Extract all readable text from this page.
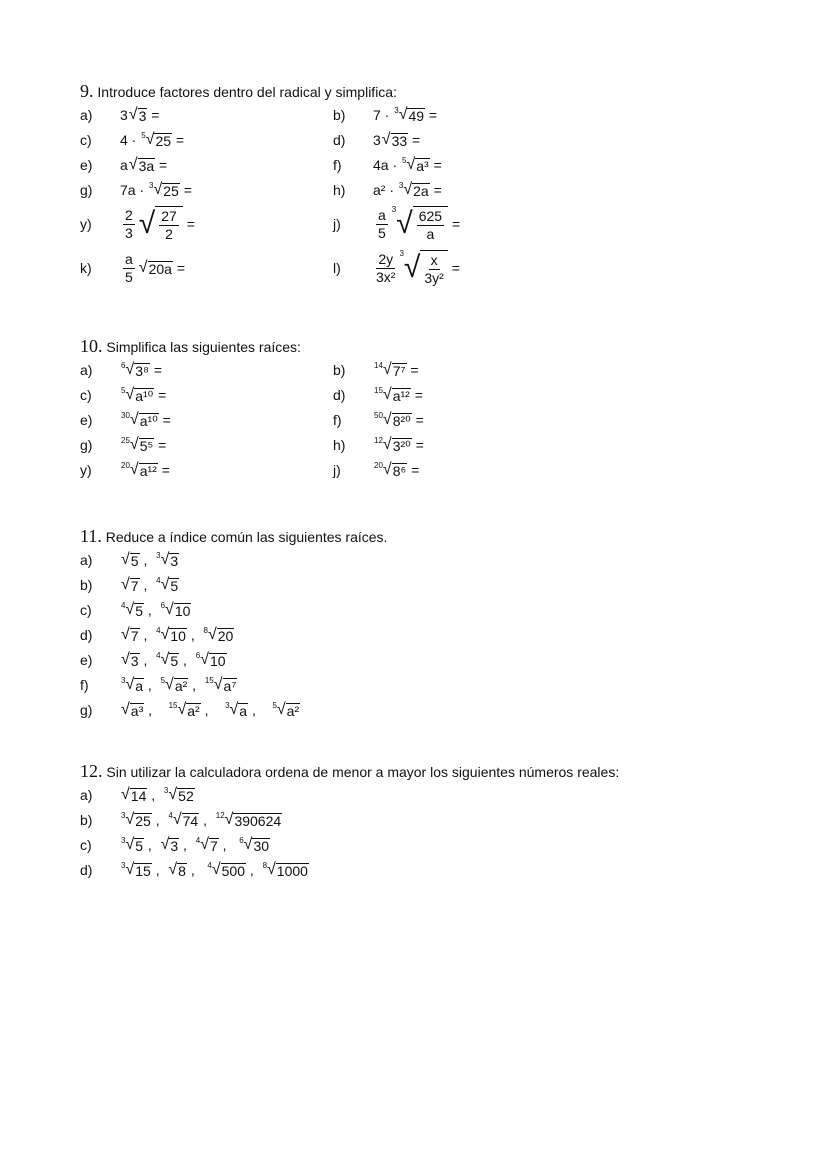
9. Introduce factores dentro del radical y simplifica:
a)	3 √ 3 =	b)	7 · 3 √ 49 =
c)	4 · 5 √ 25 =	d)	3 √ 33 =
e)	a √ 3a =	f)	4a · 5 √ a³ =
g)	7a · 3 √ 25 =	h)	a² · 3 √ 2a =
y)	$\frac{2}{3}$ √ $\frac{27}{2}$ =	j)	$\frac{a}{5} 3$ √ $\frac{625}{a}$ =
k)	$\frac{a}{5}$ √ 20a =	l)	$\frac{2y}{\text{3x²}} 3$ √ $\frac{x}{\text{3y²}}$ =
10. Simplifica las siguientes raíces:
a)	6 √ 3⁸ =	b)	14 √ 7⁷ =
c)	5 √ a¹⁰ =	d)	15 √ a¹² =
e)	30 √ a¹⁰ =	f)	50 √ 8²⁰ =
g)	25 √ 5⁵ =	h)	12 √ 3²⁰ =
y)	20 √ a¹² =	j)	20 √ 8⁶ =
11. Reduce a índice común las siguientes raíces.
a)	√ 5 , 3 √ 3
b)	√ 7 , 4 √ 5
c)	4 √ 5 , 6 √ 10
d)	√ 7 , 4 √ 10 , 8 √ 20
e)	√ 3 , 4 √ 5 , 6 √ 10
f)	3 √ a , 5 √ a² , 15 √ a⁷
g)	√ a³ , 15 √ a² , 3 √ a , 5 √ a²
12. Sin utilizar la calculadora ordena de menor a mayor los siguientes números reales:
a)	√ 14 , 3 √ 52
b)	3 √ 25 , 4 √ 74 , 12 √ 390624
c)	3 √ 5 , √ 3 , 4 √ 7 , 6 √ 30
d)	3 √ 15 , √ 8 , 4 √ 500 , 8 √ 1000
